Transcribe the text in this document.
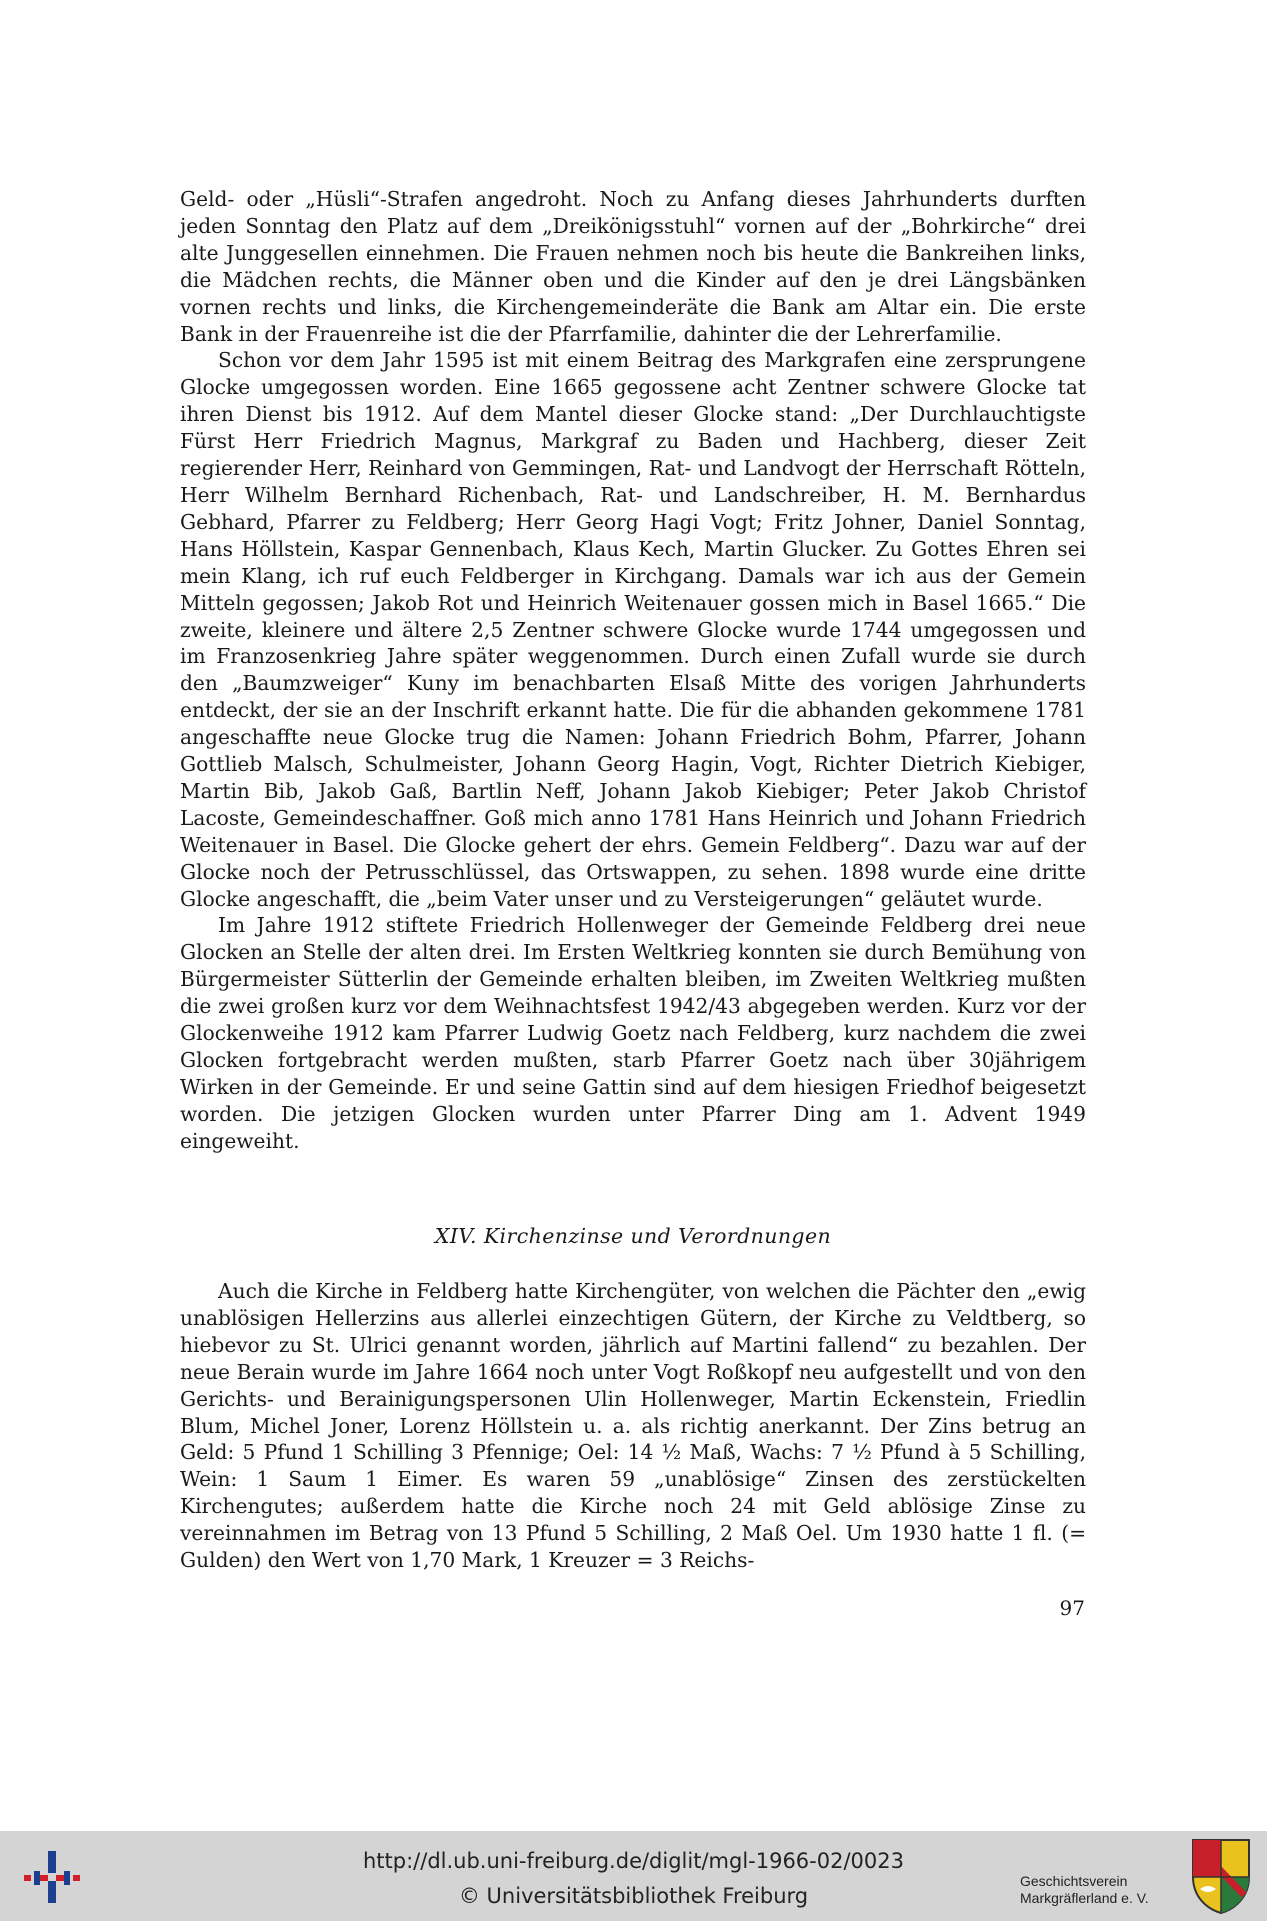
Geld- oder „Hüsli“-Strafen angedroht. Noch zu Anfang dieses Jahrhunderts durften jeden Sonntag den Platz auf dem „Dreikönigsstuhl“ vornen auf der „Bohrkirche“ drei alte Junggesellen einnehmen. Die Frauen nehmen noch bis heute die Bankreihen links, die Mädchen rechts, die Männer oben und die Kinder auf den je drei Längsbänken vornen rechts und links, die Kirchengemeinderäte die Bank am Altar ein. Die erste Bank in der Frauenreihe ist die der Pfarrfamilie, dahinter die der Lehrerfamilie.

Schon vor dem Jahr 1595 ist mit einem Beitrag des Markgrafen eine zersprungene Glocke umgegossen worden. Eine 1665 gegossene acht Zentner schwere Glocke tat ihren Dienst bis 1912. Auf dem Mantel dieser Glocke stand: „Der Durchlauchtigste Fürst Herr Friedrich Magnus, Markgraf zu Baden und Hachberg, dieser Zeit regierender Herr, Reinhard von Gemmingen, Rat- und Landvogt der Herrschaft Rötteln, Herr Wilhelm Bernhard Richenbach, Rat- und Landschreiber, H. M. Bernhardus Gebhard, Pfarrer zu Feldberg; Herr Georg Hagi Vogt; Fritz Johner, Daniel Sonntag, Hans Höllstein, Kaspar Gennenbach, Klaus Kech, Martin Glucker. Zu Gottes Ehren sei mein Klang, ich ruf euch Feldberger in Kirchgang. Damals war ich aus der Gemein Mitteln gegossen; Jakob Rot und Heinrich Weitenauer gossen mich in Basel 1665.“ Die zweite, kleinere und ältere 2,5 Zentner schwere Glocke wurde 1744 umgegossen und im Franzosenkrieg Jahre später weggenommen. Durch einen Zufall wurde sie durch den „Baumzweiger“ Kuny im benachbarten Elsaß Mitte des vorigen Jahrhunderts entdeckt, der sie an der Inschrift erkannt hatte. Die für die abhanden gekommene 1781 angeschaffte neue Glocke trug die Namen: Johann Friedrich Bohm, Pfarrer, Johann Gottlieb Malsch, Schulmeister, Johann Georg Hagin, Vogt, Richter Dietrich Kiebiger, Martin Bib, Jakob Gaß, Bartlin Neff, Johann Jakob Kiebiger; Peter Jakob Christof Lacoste, Gemeindeschaffner. Goß mich anno 1781 Hans Heinrich und Johann Friedrich Weitenauer in Basel. Die Glocke gehert der ehrs. Gemein Feldberg“. Dazu war auf der Glocke noch der Petrusschlüssel, das Ortswappen, zu sehen. 1898 wurde eine dritte Glocke angeschafft, die „beim Vater unser und zu Versteigerungen“ geläutet wurde.

Im Jahre 1912 stiftete Friedrich Hollenweger der Gemeinde Feldberg drei neue Glocken an Stelle der alten drei. Im Ersten Weltkrieg konnten sie durch Bemühung von Bürgermeister Sütterlin der Gemeinde erhalten bleiben, im Zweiten Weltkrieg mußten die zwei großen kurz vor dem Weihnachtsfest 1942/43 abgegeben werden. Kurz vor der Glockenweihe 1912 kam Pfarrer Ludwig Goetz nach Feldberg, kurz nachdem die zwei Glocken fortgebracht werden mußten, starb Pfarrer Goetz nach über 30jährigem Wirken in der Gemeinde. Er und seine Gattin sind auf dem hiesigen Friedhof beigesetzt worden. Die jetzigen Glocken wurden unter Pfarrer Ding am 1. Advent 1949 eingeweiht.

XIV. Kirchenzinse und Verordnungen

Auch die Kirche in Feldberg hatte Kirchengüter, von welchen die Pächter den „ewig unablösigen Hellerzins aus allerlei einzechtigen Gütern, der Kirche zu Veldtberg, so hiebevor zu St. Ulrici genannt worden, jährlich auf Martini fallend“ zu bezahlen. Der neue Berain wurde im Jahre 1664 noch unter Vogt Roßkopf neu aufgestellt und von den Gerichts- und Berainigungspersonen Ulin Hollenweger, Martin Eckenstein, Friedlin Blum, Michel Joner, Lorenz Höllstein u. a. als richtig anerkannt. Der Zins betrug an Geld: 5 Pfund 1 Schilling 3 Pfennige; Oel: 14 ½ Maß, Wachs: 7 ½ Pfund à 5 Schilling, Wein: 1 Saum 1 Eimer. Es waren 59 „unablösige“ Zinsen des zerstückelten Kirchengutes; außerdem hatte die Kirche noch 24 mit Geld ablösige Zinse zu vereinnahmen im Betrag von 13 Pfund 5 Schilling, 2 Maß Oel. Um 1930 hatte 1 fl. (= Gulden) den Wert von 1,70 Mark, 1 Kreuzer = 3 Reichs-

97
http://dl.ub.uni-freiburg.de/diglit/mgl-1966-02/0023
© Universitätsbibliothek Freiburg
Geschichtsverein
Markgräflerland e. V.
